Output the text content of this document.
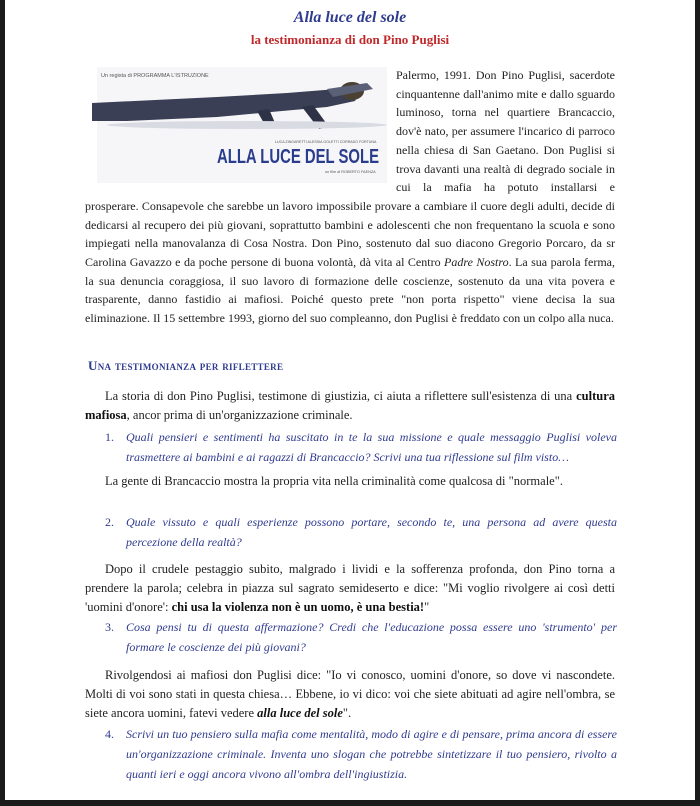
Alla luce del sole
la testimonianza di don Pino Puglisi

Palermo, 1991. Don Pino Puglisi, sacerdote cinquantenne dall'animo mite e dallo sguardo luminoso, torna nel quartiere Brancaccio, dov'è nato, per assumere l'incarico di parroco nella chiesa di San Gaetano. Don Puglisi si trova davanti una realtà di degrado sociale in cui la mafia ha potuto installarsi e prosperare. Consapevole che sarebbe un lavoro impossibile provare a cambiare il cuore degli adulti, decide di dedicarsi al recupero dei più giovani, soprattutto bambini e adolescenti che non frequentano la scuola e sono impiegati nella manovalanza di Cosa Nostra. Don Pino, sostenuto dal suo diacono Gregorio Porcaro, da sr Carolina Gavazzo e da poche persone di buona volontà, dà vita al Centro Padre Nostro. La sua parola ferma, la sua denuncia coraggiosa, il suo lavoro di formazione delle coscienze, sostenuto da una vita povera e trasparente, danno fastidio ai mafiosi. Poiché questo prete "non porta rispetto" viene decisa la sua eliminazione. Il 15 settembre 1993, giorno del suo compleanno, don Puglisi è freddato con un colpo alla nuca.

Un regista di PROGRAMMA L'ISTRUZIONE
LUCA ZINGARETTI ALESSIA GOLETTI CORRADO FORTUNA
ALLA LUCE DEL SOLE
un film di ROBERTO FAENZA
Una testimonianza per riflettere

La storia di don Pino Puglisi, testimone di giustizia, ci aiuta a riflettere sull'esistenza di una cultura mafiosa, ancor prima di un'organizzazione criminale.

1. Quali pensieri e sentimenti ha suscitato in te la sua missione e quale messaggio Puglisi voleva trasmettere ai bambini e ai ragazzi di Brancaccio? Scrivi una tua riflessione sul film visto…

La gente di Brancaccio mostra la propria vita nella criminalità come qualcosa di "normale".

2. Quale vissuto e quali esperienze possono portare, secondo te, una persona ad avere questa percezione della realtà?

Dopo il crudele pestaggio subito, malgrado i lividi e la sofferenza profonda, don Pino torna a prendere la parola; celebra in piazza sul sagrato semideserto e dice: "Mi voglio rivolgere ai così detti 'uomini d'onore': chi usa la violenza non è un uomo, è una bestia!"

3. Cosa pensi tu di questa affermazione? Credi che l'educazione possa essere uno 'strumento' per formare le coscienze dei più giovani?

Rivolgendosi ai mafiosi don Puglisi dice: "Io vi conosco, uomini d'onore, so dove vi nascondete. Molti di voi sono stati in questa chiesa… Ebbene, io vi dico: voi che siete abituati ad agire nell'ombra, se siete ancora uomini, fatevi vedere alla luce del sole".

4. Scrivi un tuo pensiero sulla mafia come mentalità, modo di agire e di pensare, prima ancora di essere un'organizzazione criminale. Inventa uno slogan che potrebbe sintetizzare il tuo pensiero, rivolto a quanti ieri e oggi ancora vivono all'ombra dell'ingiustizia.
